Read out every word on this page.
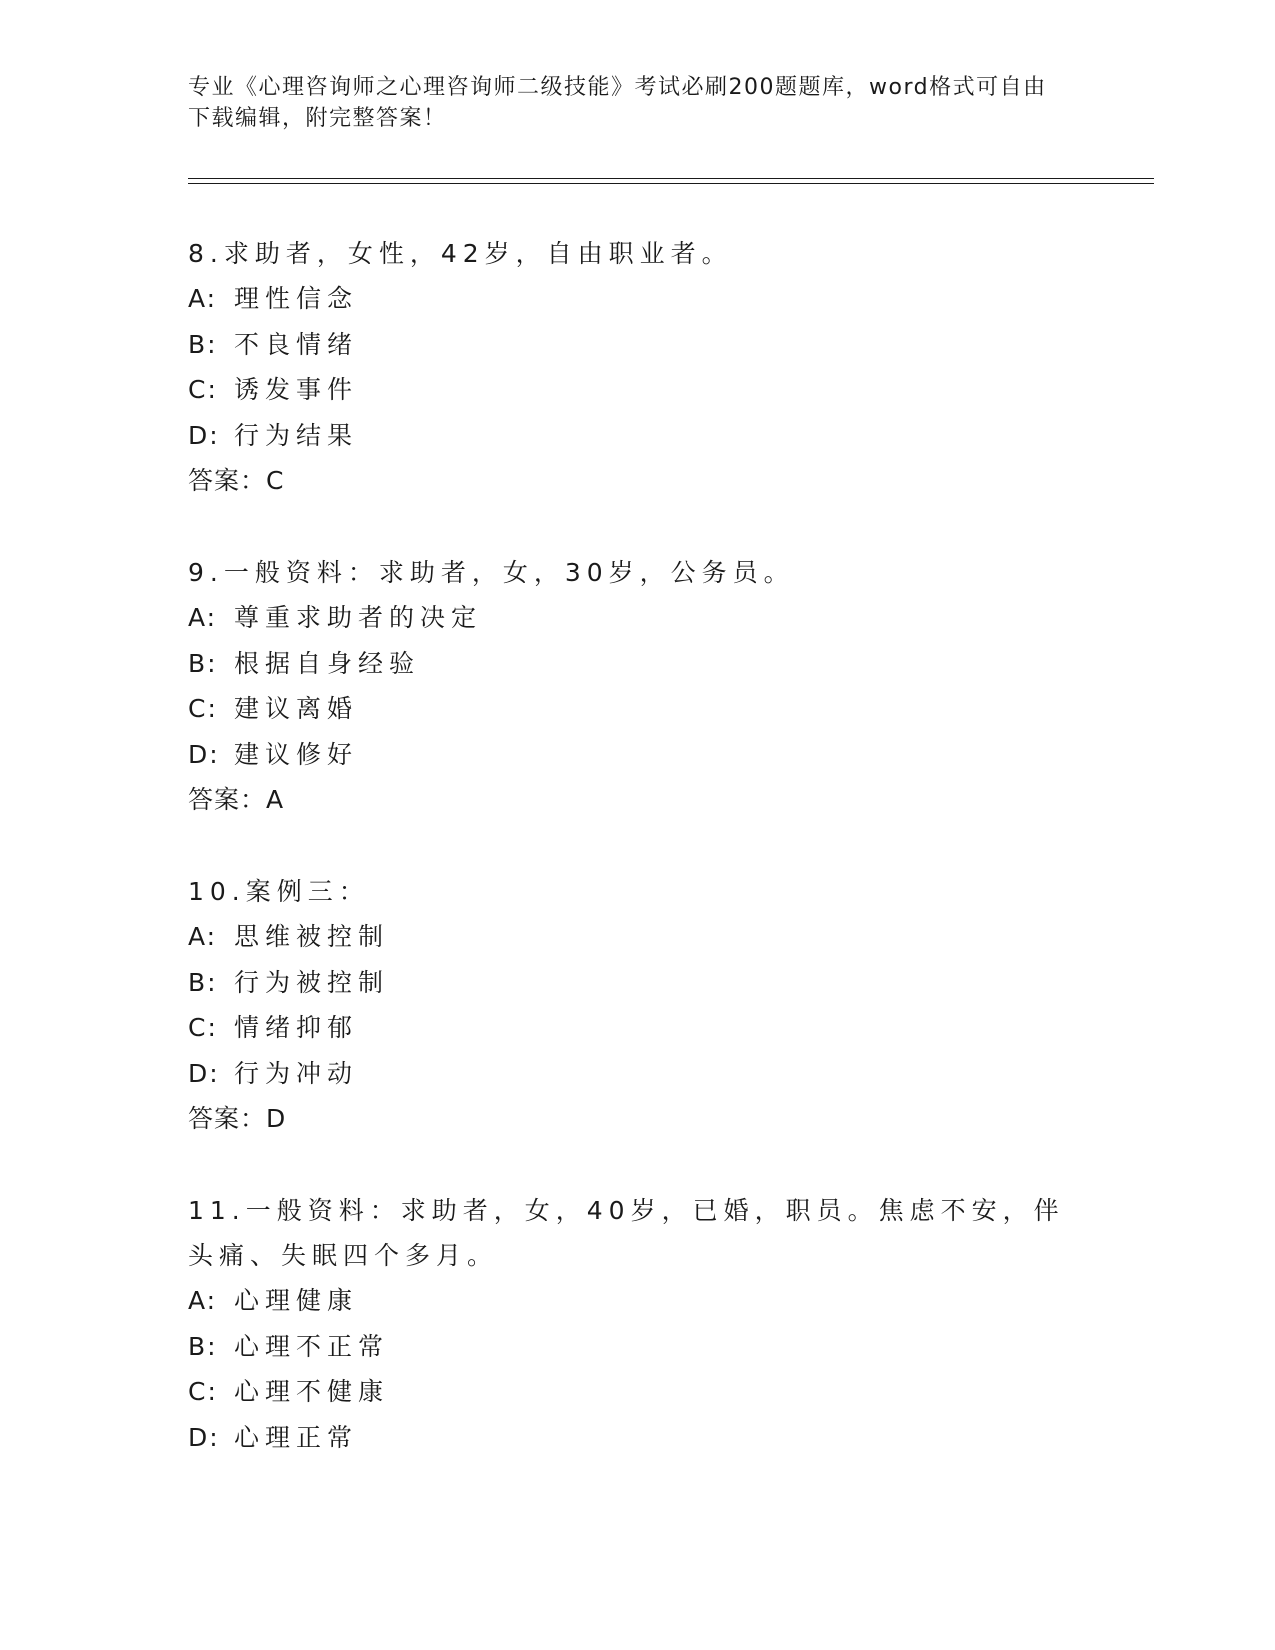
专业《心理咨询师之心理咨询师二级技能》考试必刷200题题库，word格式可自由下载编辑，附完整答案！

8.求助者，女性，42岁，自由职业者。

A: 理性信念

B: 不良情绪

C: 诱发事件

D: 行为结果

答案：C

9.一般资料：求助者，女，30岁，公务员。

A: 尊重求助者的决定

B: 根据自身经验

C: 建议离婚

D: 建议修好

答案：A

10.案例三：

A: 思维被控制

B: 行为被控制

C: 情绪抑郁

D: 行为冲动

答案：D

11.一般资料：求助者，女，40岁，已婚，职员。焦虑不安，伴头痛、失眠四个多月。

A: 心理健康

B: 心理不正常

C: 心理不健康

D: 心理正常
